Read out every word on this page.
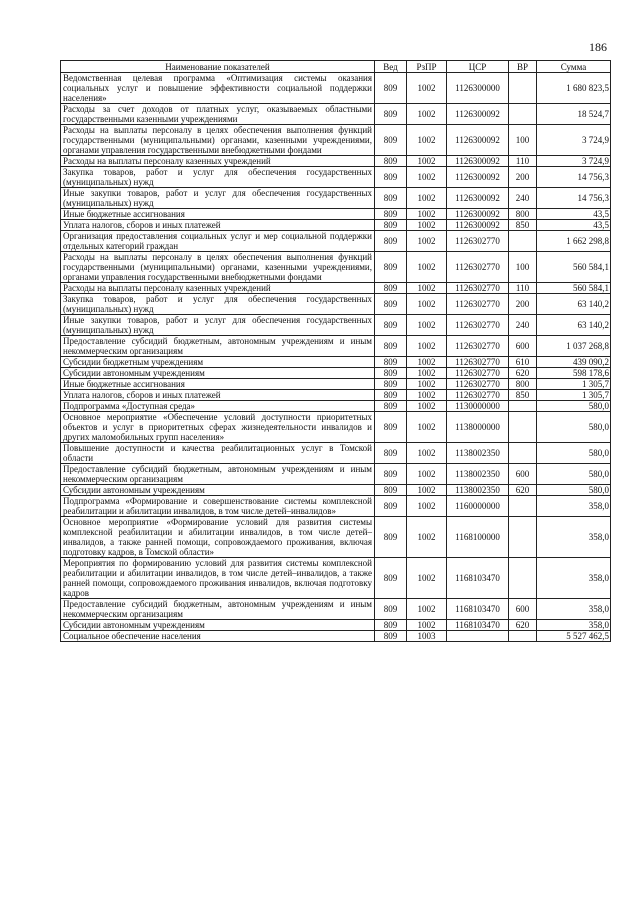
186
Наименование показателей	Вед	РзПР	ЦСР	ВР	Сумма
Ведомственная целевая программа «Оптимизация системы оказания социальных услуг и повышение эффективности социальной поддержки населения»	809	1002	1126300000		1 680 823,5
Расходы за счет доходов от платных услуг, оказываемых областными государственными казенными учреждениями	809	1002	1126300092		18 524,7
Расходы на выплаты персоналу в целях обеспечения выполнения функций государственными (муниципальными) органами, казенными учреждениями, органами управления государственными внебюджетными фондами	809	1002	1126300092	100	3 724,9
Расходы на выплаты персоналу казенных учреждений	809	1002	1126300092	110	3 724,9
Закупка товаров, работ и услуг для обеспечения государственных (муниципальных) нужд	809	1002	1126300092	200	14 756,3
Иные закупки товаров, работ и услуг для обеспечения государственных (муниципальных) нужд	809	1002	1126300092	240	14 756,3
Иные бюджетные ассигнования	809	1002	1126300092	800	43,5
Уплата налогов, сборов и иных платежей	809	1002	1126300092	850	43,5
Организация предоставления социальных услуг и мер социальной поддержки отдельных категорий граждан	809	1002	1126302770		1 662 298,8
Расходы на выплаты персоналу в целях обеспечения выполнения функций государственными (муниципальными) органами, казенными учреждениями, органами управления государственными внебюджетными фондами	809	1002	1126302770	100	560 584,1
Расходы на выплаты персоналу казенных учреждений	809	1002	1126302770	110	560 584,1
Закупка товаров, работ и услуг для обеспечения государственных (муниципальных) нужд	809	1002	1126302770	200	63 140,2
Иные закупки товаров, работ и услуг для обеспечения государственных (муниципальных) нужд	809	1002	1126302770	240	63 140,2
Предоставление субсидий бюджетным, автономным учреждениям и иным некоммерческим организациям	809	1002	1126302770	600	1 037 268,8
Субсидии бюджетным учреждениям	809	1002	1126302770	610	439 090,2
Субсидии автономным учреждениям	809	1002	1126302770	620	598 178,6
Иные бюджетные ассигнования	809	1002	1126302770	800	1 305,7
Уплата налогов, сборов и иных платежей	809	1002	1126302770	850	1 305,7
Подпрограмма «Доступная среда»	809	1002	1130000000		580,0
Основное мероприятие «Обеспечение условий доступности приоритетных объектов и услуг в приоритетных сферах жизнедеятельности инвалидов и других маломобильных групп населения»	809	1002	1138000000		580,0
Повышение доступности и качества реабилитационных услуг в Томской области	809	1002	1138002350		580,0
Предоставление субсидий бюджетным, автономным учреждениям и иным некоммерческим организациям	809	1002	1138002350	600	580,0
Субсидии автономным учреждениям	809	1002	1138002350	620	580,0
Подпрограмма «Формирование и совершенствование системы комплексной реабилитации и абилитации инвалидов, в том числе детей–инвалидов»	809	1002	1160000000		358,0
Основное мероприятие «Формирование условий для развития системы комплексной реабилитации и абилитации инвалидов, в том числе детей–инвалидов, а также ранней помощи, сопровождаемого проживания, включая подготовку кадров, в Томской области»	809	1002	1168100000		358,0
Мероприятия по формированию условий для развития системы комплексной реабилитации и абилитации инвалидов, в том числе детей–инвалидов, а также ранней помощи, сопровождаемого проживания инвалидов, включая подготовку кадров	809	1002	1168103470		358,0
Предоставление субсидий бюджетным, автономным учреждениям и иным некоммерческим организациям	809	1002	1168103470	600	358,0
Субсидии автономным учреждениям	809	1002	1168103470	620	358,0
Социальное обеспечение населения	809	1003			5 527 462,5
